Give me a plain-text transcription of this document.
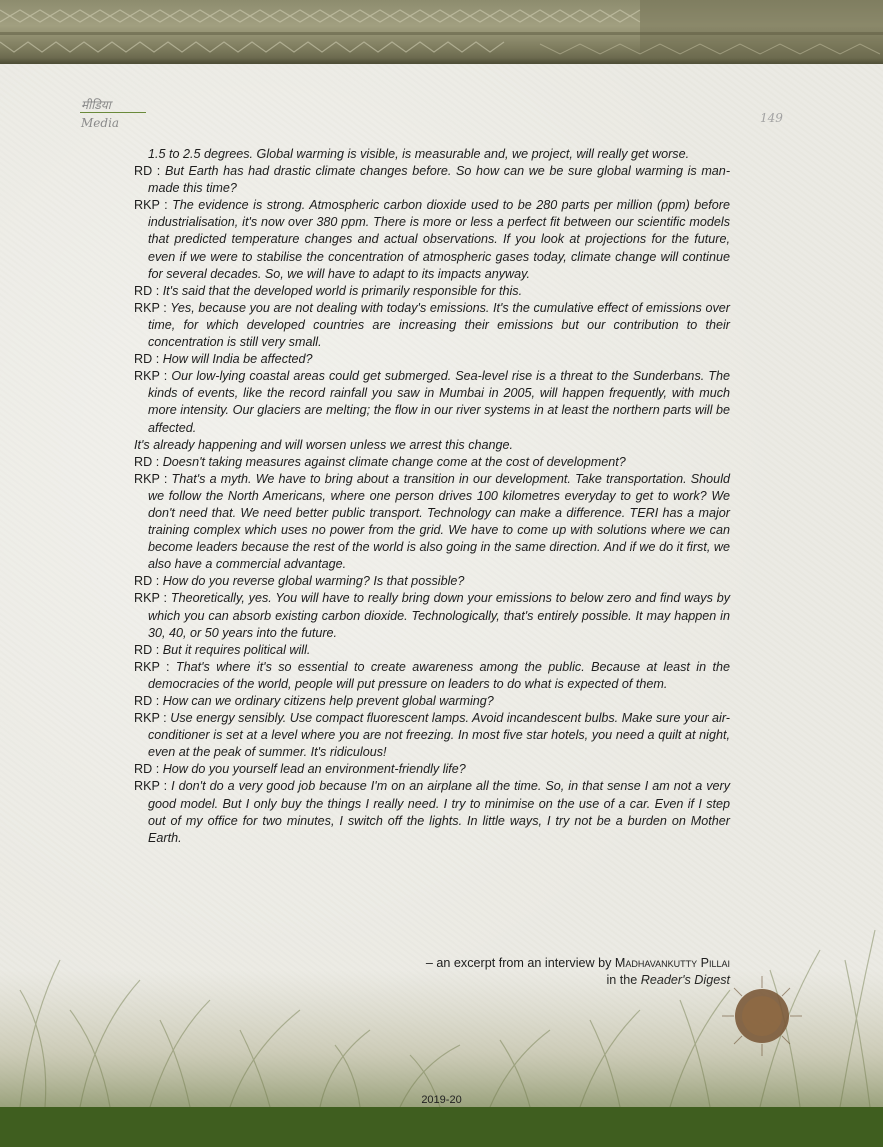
मीडिया

Media	149

1.5 to 2.5 degrees. Global warming is visible, is measurable and, we project, will really get worse.

RD : But Earth has had drastic climate changes before. So how can we be sure global warming is man-made this time?

RKP : The evidence is strong. Atmospheric carbon dioxide used to be 280 parts per million (ppm) before industrialisation, it's now over 380 ppm. There is more or less a perfect fit between our scientific models that predicted temperature changes and actual observations. If you look at projections for the future, even if we were to stabilise the concentration of atmospheric gases today, climate change will continue for several decades. So, we will have to adapt to its impacts anyway.

RD : It's said that the developed world is primarily responsible for this.

RKP : Yes, because you are not dealing with today's emissions. It's the cumulative effect of emissions over time, for which developed countries are increasing their emissions but our contribution to their concentration is still very small.

RD : How will India be affected?

RKP : Our low-lying coastal areas could get submerged. Sea-level rise is a threat to the Sunderbans. The kinds of events, like the record rainfall you saw in Mumbai in 2005, will happen frequently, with much more intensity. Our glaciers are melting; the flow in our river systems in at least the northern parts will be affected.

It's already happening and will worsen unless we arrest this change.

RD : Doesn't taking measures against climate change come at the cost of development?

RKP : That's a myth. We have to bring about a transition in our development. Take transportation. Should we follow the North Americans, where one person drives 100 kilometres everyday to get to work? We don't need that. We need better public transport. Technology can make a difference. TERI has a major training complex which uses no power from the grid. We have to come up with solutions where we can become leaders because the rest of the world is also going in the same direction. And if we do it first, we also have a commercial advantage.

RD : How do you reverse global warming? Is that possible?

RKP : Theoretically, yes. You will have to really bring down your emissions to below zero and find ways by which you can absorb existing carbon dioxide. Technologically, that's entirely possible. It may happen in 30, 40, or 50 years into the future.

RD : But it requires political will.

RKP : That's where it's so essential to create awareness among the public. Because at least in the democracies of the world, people will put pressure on leaders to do what is expected of them.

RD : How can we ordinary citizens help prevent global warming?

RKP : Use energy sensibly. Use compact fluorescent lamps. Avoid incandescent bulbs. Make sure your air-conditioner is set at a level where you are not freezing. In most five star hotels, you need a quilt at night, even at the peak of summer. It's ridiculous!

RD : How do you yourself lead an environment-friendly life?

RKP : I don't do a very good job because I'm on an airplane all the time. So, in that sense I am not a very good model. But I only buy the things I really need. I try to minimise on the use of a car. Even if I step out of my office for two minutes, I switch off the lights. In little ways, I try not be a burden on Mother Earth.

– an excerpt from an interview by Madhavankutty Pillai

2019-20
